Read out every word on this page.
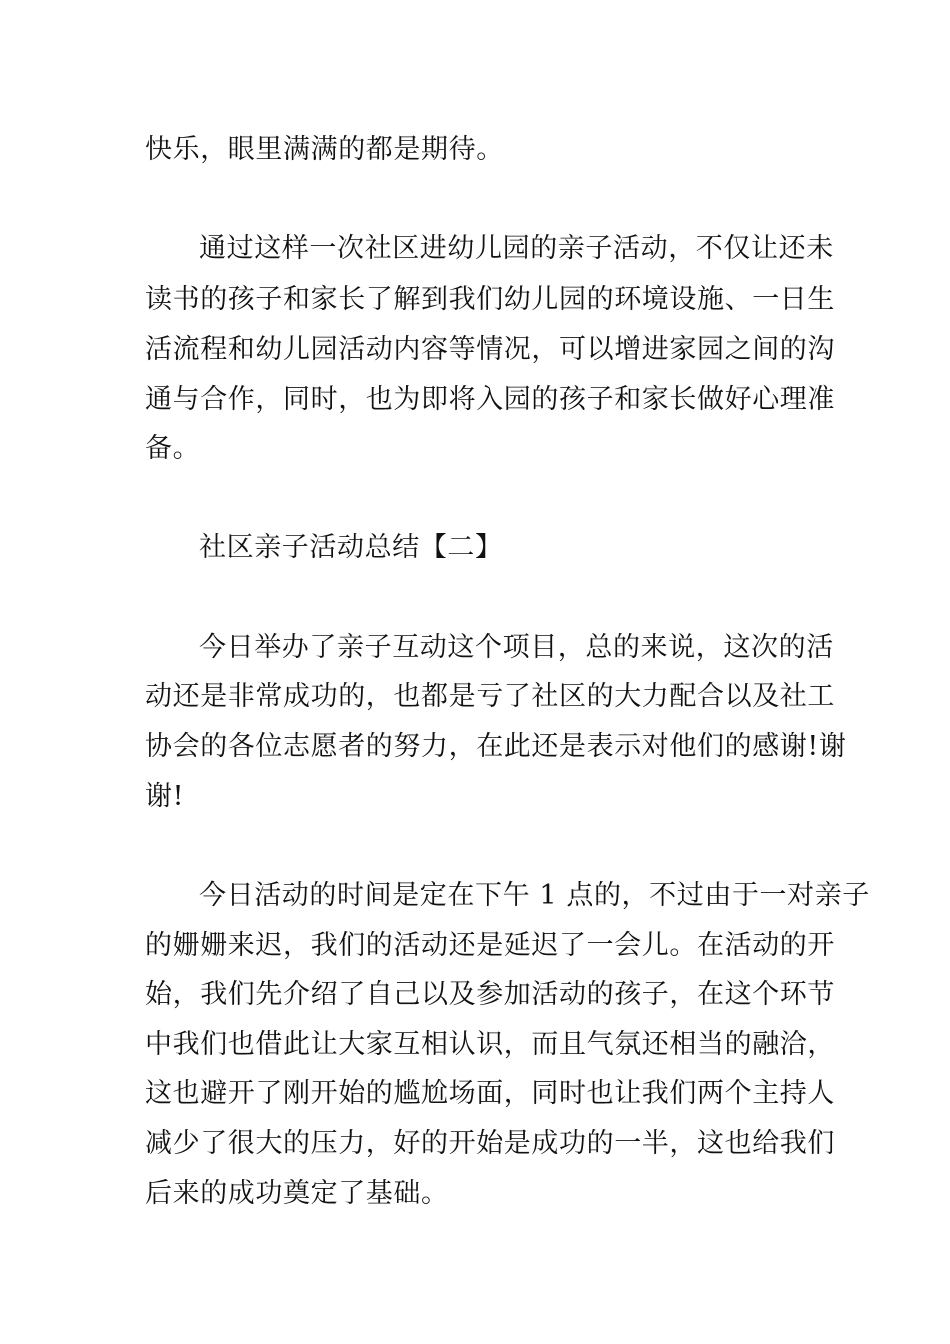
快乐，眼里满满的都是期待。
通过这样一次社区进幼儿园的亲子活动，不仅让还未
读书的孩子和家长了解到我们幼儿园的环境设施、一日生
活流程和幼儿园活动内容等情况，可以增进家园之间的沟
通与合作，同时，也为即将入园的孩子和家长做好心理准
备。
社区亲子活动总结【二】
今日举办了亲子互动这个项目，总的来说，这次的活
动还是非常成功的，也都是亏了社区的大力配合以及社工
协会的各位志愿者的努力，在此还是表示对他们的感谢!谢
谢!
今日活动的时间是定在下午 1 点的，不过由于一对亲子
的姗姗来迟，我们的活动还是延迟了一会儿。在活动的开
始，我们先介绍了自己以及参加活动的孩子，在这个环节
中我们也借此让大家互相认识，而且气氛还相当的融洽，
这也避开了刚开始的尴尬场面，同时也让我们两个主持人
减少了很大的压力，好的开始是成功的一半，这也给我们
后来的成功奠定了基础。
